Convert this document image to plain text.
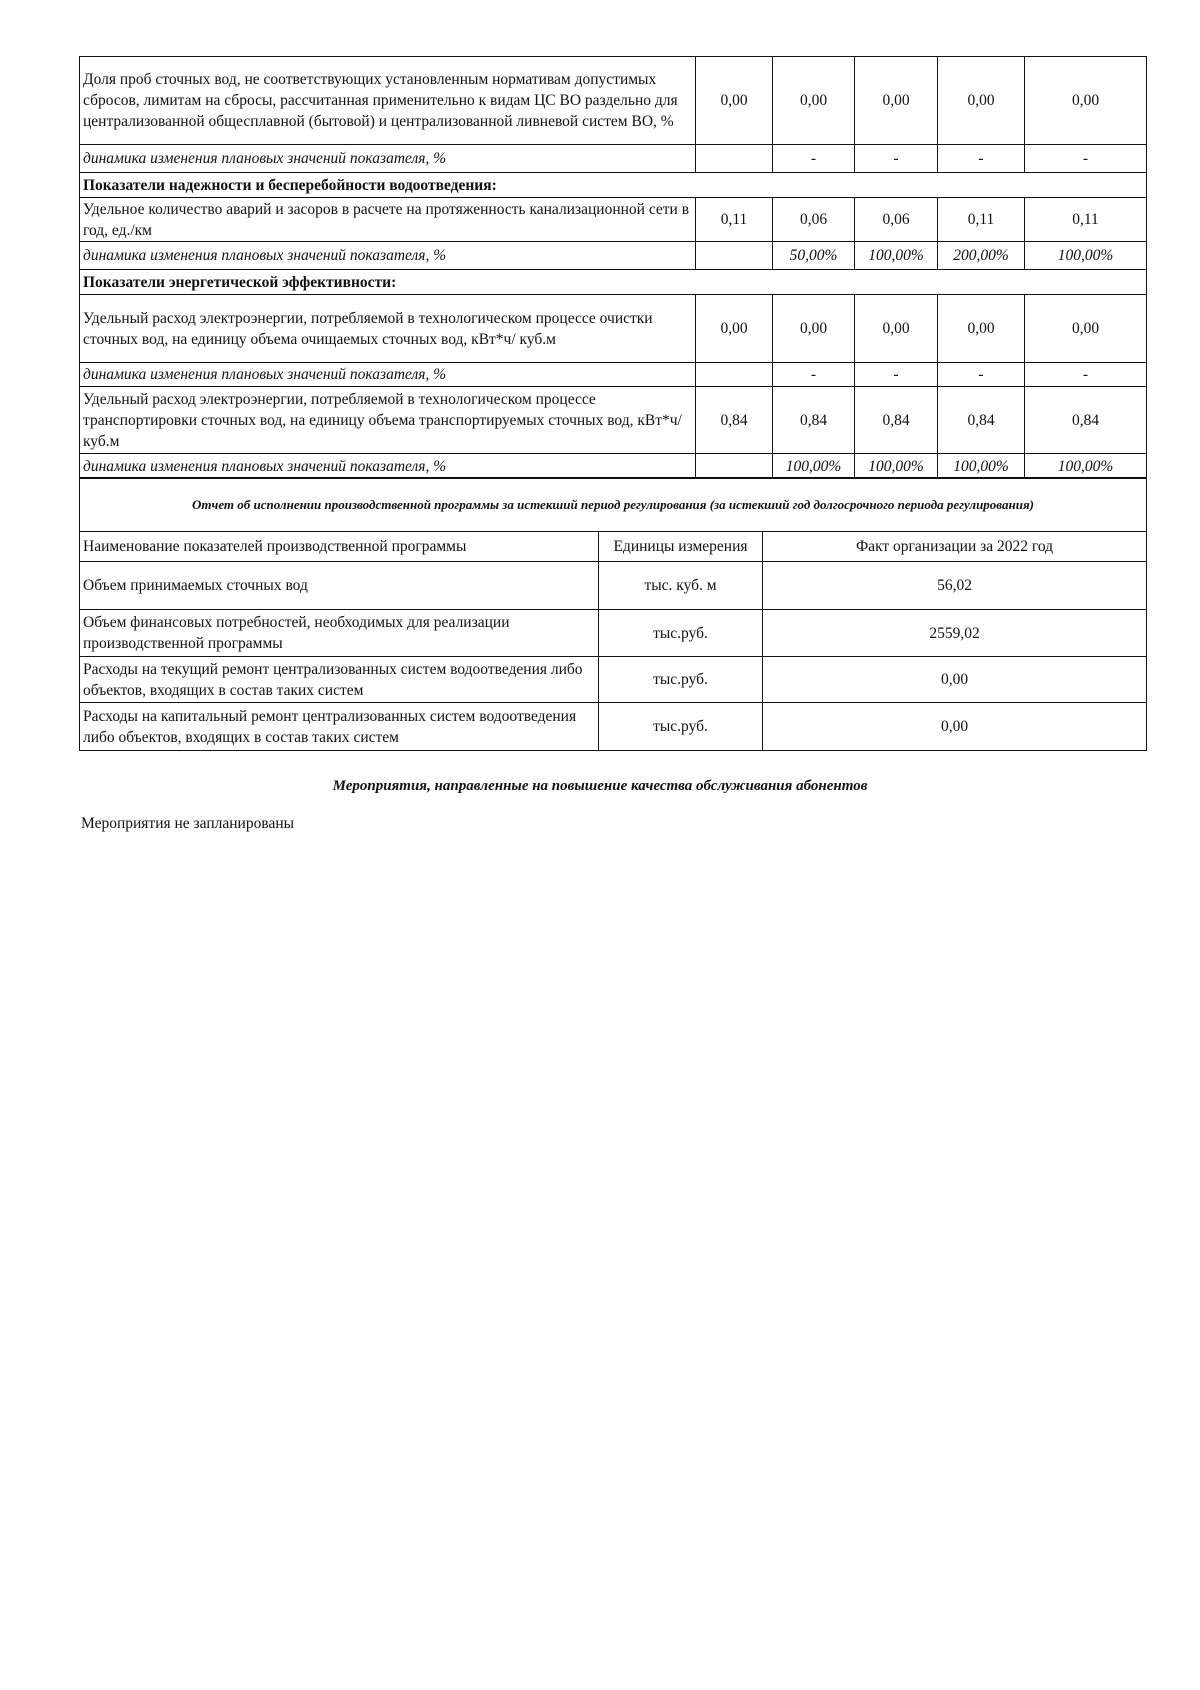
Доля проб сточных вод, не соответствующих установленным нормативам допустимых сбросов, лимитам на сбросы, рассчитанная применительно к видам ЦС ВО раздельно для централизованной общесплавной (бытовой) и централизованной ливневой систем ВО, %	0,00	0,00	0,00	0,00	0,00
динамика изменения плановых значений показателя, %		-	-	-	-
Показатели надежности и бесперебойности водоотведения:					
Удельное количество аварий и засоров в расчете на протяженность канализационной сети в год, ед./км	0,11	0,06	0,06	0,11	0,11
динамика изменения плановых значений показателя, %		50,00%	100,00%	200,00%	100,00%
Показатели энергетической эффективности:					
Удельный расход электроэнергии, потребляемой в технологическом процессе очистки сточных вод, на единицу объема очищаемых сточных вод, кВт*ч/ куб.м	0,00	0,00	0,00	0,00	0,00
динамика изменения плановых значений показателя, %		-	-	-	-
Удельный расход электроэнергии, потребляемой в технологическом процессе транспортировки сточных вод, на единицу объема транспортируемых сточных вод, кВт*ч/ куб.м	0,84	0,84	0,84	0,84	0,84
динамика изменения плановых значений показателя, %		100,00%	100,00%	100,00%	100,00%
Отчет об исполнении производственной программы за истекший период регулирования (за истекший год долгосрочного периода регулирования)		
Наименование показателей производственной программы	Единицы измерения	Факт организации за 2022 год
Объем принимаемых сточных вод	тыс. куб. м	56,02
Объем финансовых потребностей, необходимых для реализации производственной программы	тыс.руб.	2559,02
Расходы на текущий ремонт централизованных систем водоотведения либо объектов, входящих в состав таких систем	тыс.руб.	0,00
Расходы на капитальный ремонт централизованных систем водоотведения либо объектов, входящих в состав таких систем	тыс.руб.	0,00
Мероприятия, направленные на повышение качества обслуживания абонентов
Мероприятия не запланированы
